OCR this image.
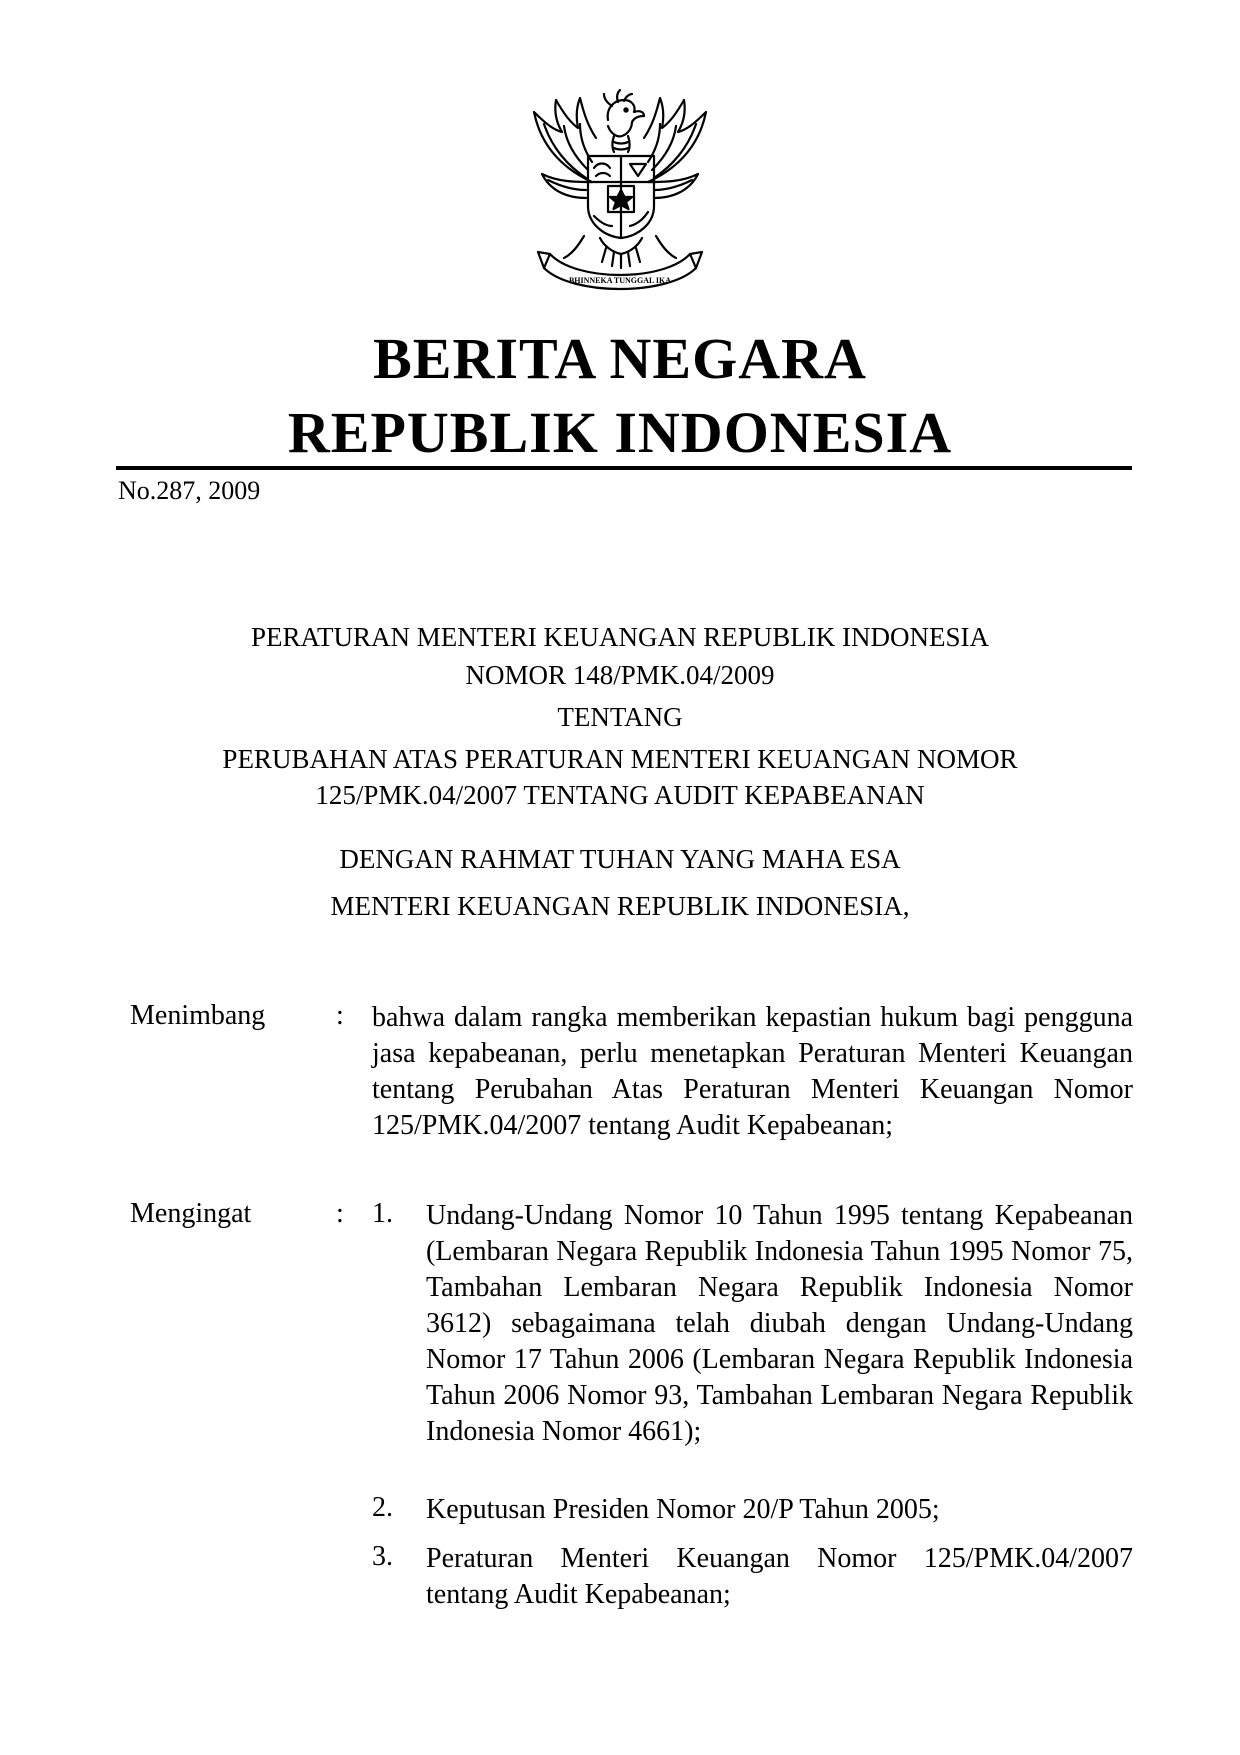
BHINNEKA TUNGGAL IKA
BERITA NEGARA
REPUBLIK INDONESIA
No.287, 2009
PERATURAN MENTERI KEUANGAN REPUBLIK INDONESIA
NOMOR 148/PMK.04/2009
TENTANG
PERUBAHAN ATAS PERATURAN MENTERI KEUANGAN NOMOR
125/PMK.04/2007 TENTANG AUDIT KEPABEANAN
DENGAN RAHMAT TUHAN YANG MAHA ESA
MENTERI KEUANGAN REPUBLIK INDONESIA,
Menimbang	: bahwa dalam rangka memberikan kepastian hukum bagi pengguna jasa kepabeanan, perlu menetapkan Peraturan Menteri Keuangan tentang Perubahan Atas Peraturan Menteri Keuangan Nomor 125/PMK.04/2007 tentang Audit Kepabeanan;
Mengingat	: 1. Undang-Undang Nomor 10 Tahun 1995 tentang Kepabeanan (Lembaran Negara Republik Indonesia Tahun 1995 Nomor 75, Tambahan Lembaran Negara Republik Indonesia Nomor 3612) sebagaimana telah diubah dengan Undang-Undang Nomor 17 Tahun 2006 (Lembaran Negara Republik Indonesia Tahun 2006 Nomor 93, Tambahan Lembaran Negara Republik Indonesia Nomor 4661);
2. Keputusan Presiden Nomor 20/P Tahun 2005;
3. Peraturan Menteri Keuangan Nomor 125/PMK.04/2007 tentang Audit Kepabeanan;
